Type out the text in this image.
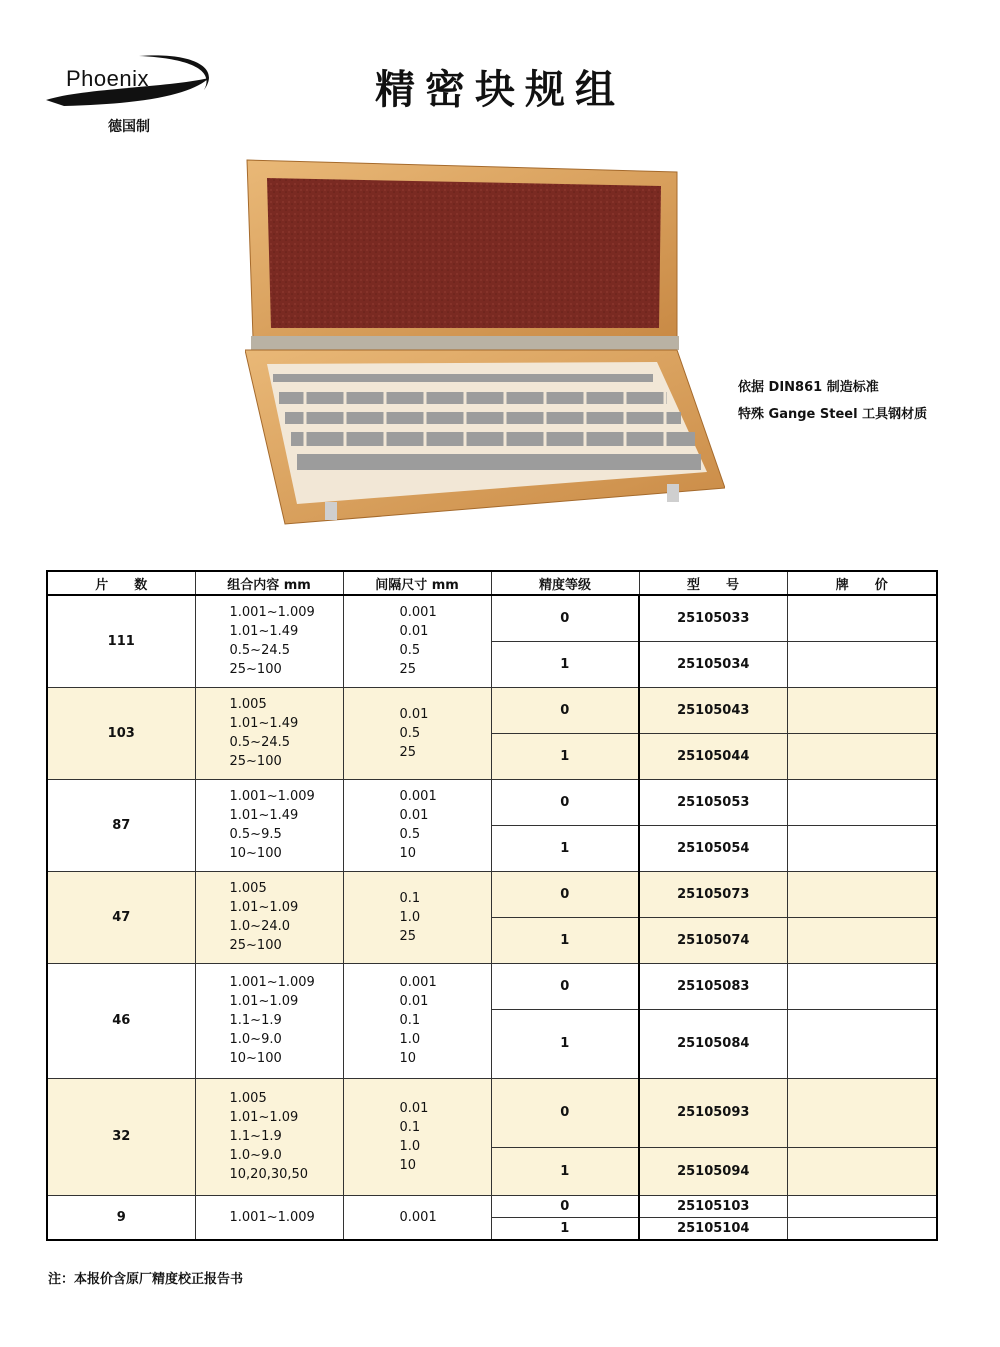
Phoenix
德国制
精密块规组
依据 DIN861 制造标准
特殊 Gange Steel 工具钢材质
片　　数	组合内容 mm	间隔尺寸 mm	精度等级	型　　号	牌　　价
111	1.001~1.009
1.01~1.49
0.5~24.5
25~100	0.001
0.01
0.5
25	0	25105033	
			1	25105034	
103	1.005
1.01~1.49
0.5~24.5
25~100	0.01
0.5
25	0	25105043	
			1	25105044	
87	1.001~1.009
1.01~1.49
0.5~9.5
10~100	0.001
0.01
0.5
10	0	25105053	
			1	25105054	
47	1.005
1.01~1.09
1.0~24.0
25~100	0.1
1.0
25	0	25105073	
			1	25105074	
46	1.001~1.009
1.01~1.09
1.1~1.9
1.0~9.0
10~100	0.001
0.01
0.1
1.0
10	0	25105083	
			1	25105084	
32	1.005
1.01~1.09
1.1~1.9
1.0~9.0
10,20,30,50	0.01
0.1
1.0
10	0	25105093	
			1	25105094	
9	1.001~1.009	0.001	0	25105103	
			1	25105104	
注：本报价含原厂精度校正报告书
